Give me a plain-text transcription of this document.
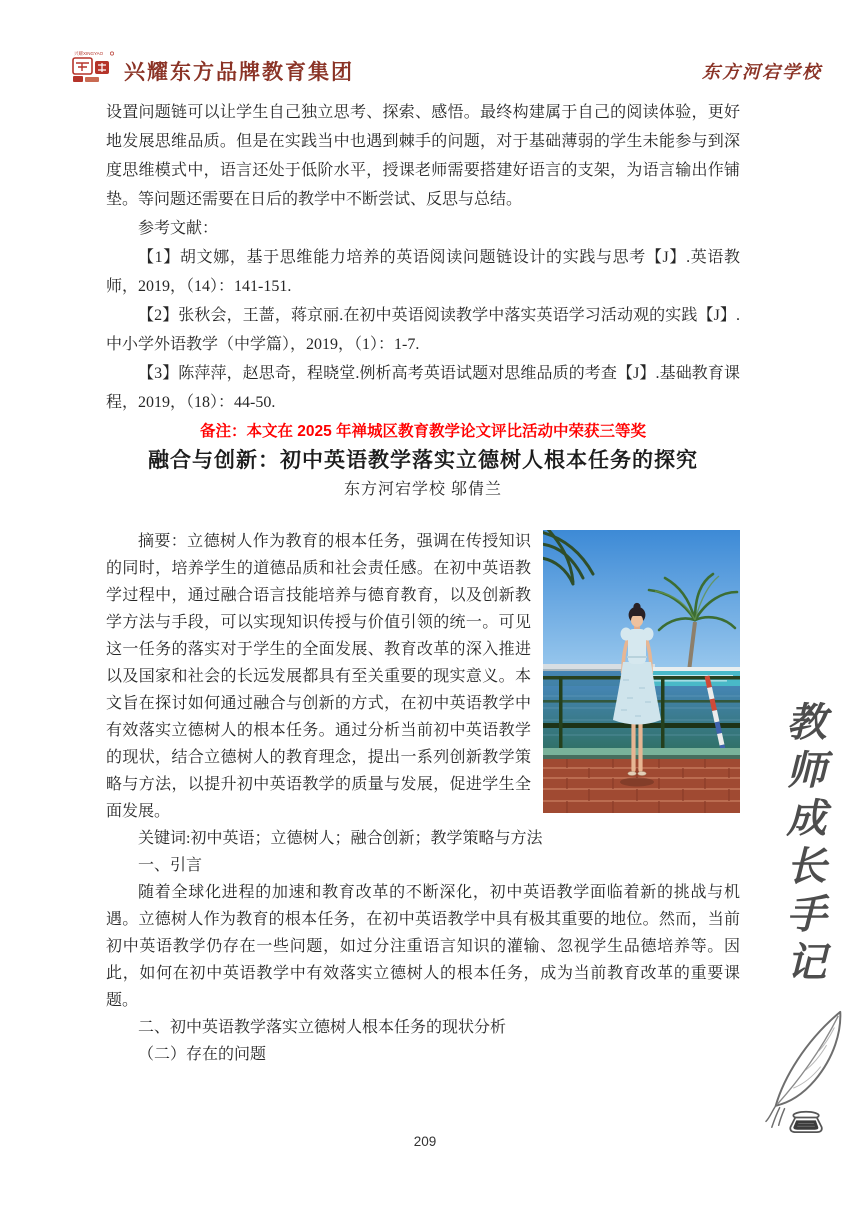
兴耀XINGYAO
兴耀东方品牌教育集团	东方河宕学校

设置问题链可以让学生自己独立思考、探索、感悟。最终构建属于自己的阅读体验，更好地发展思维品质。但是在实践当中也遇到棘手的问题，对于基础薄弱的学生未能参与到深度思维模式中，语言还处于低阶水平，授课老师需要搭建好语言的支架，为语言输出作铺垫。等问题还需要在日后的教学中不断尝试、反思与总结。

参考文献：

【1】胡文娜，基于思维能力培养的英语阅读问题链设计的实践与思考【J】.英语教师，2019，（14）：141-151.

【2】张秋会，王蔷，蒋京丽.在初中英语阅读教学中落实英语学习活动观的实践【J】.中小学外语教学（中学篇），2019，（1）：1-7.

【3】陈萍萍，赵思奇，程晓堂.例析高考英语试题对思维品质的考查【J】.基础教育课程，2019，（18）：44-50.

备注：本文在 2025 年禅城区教育教学论文评比活动中荣获三等奖

融合与创新：初中英语教学落实立德树人根本任务的探究

东方河宕学校 邬倩兰

摘要：立德树人作为教育的根本任务，强调在传授知识的同时，培养学生的道德品质和社会责任感。在初中英语教学过程中，通过融合语言技能培养与德育教育，以及创新教学方法与手段，可以实现知识传授与价值引领的统一。可见这一任务的落实对于学生的全面发展、教育改革的深入推进以及国家和社会的长远发展都具有至关重要的现实意义。本文旨在探讨如何通过融合与创新的方式，在初中英语教学中有效落实立德树人的根本任务。通过分析当前初中英语教学的现状，结合立德树人的教育理念，提出一系列创新教学策略与方法，以提升初中英语教学的质量与发展，促进学生全面发展。

关键词:初中英语；立德树人；融合创新；教学策略与方法

一、引言

随着全球化进程的加速和教育改革的不断深化，初中英语教学面临着新的挑战与机遇。立德树人作为教育的根本任务，在初中英语教学中具有极其重要的地位。然而，当前初中英语教学仍存在一些问题，如过分注重语言知识的灌输、忽视学生品德培养等。因此，如何在初中英语教学中有效落实立德树人的根本任务，成为当前教育改革的重要课题。

二、初中英语教学落实立德树人根本任务的现状分析

（二）存在的问题

教师成长手记
209
